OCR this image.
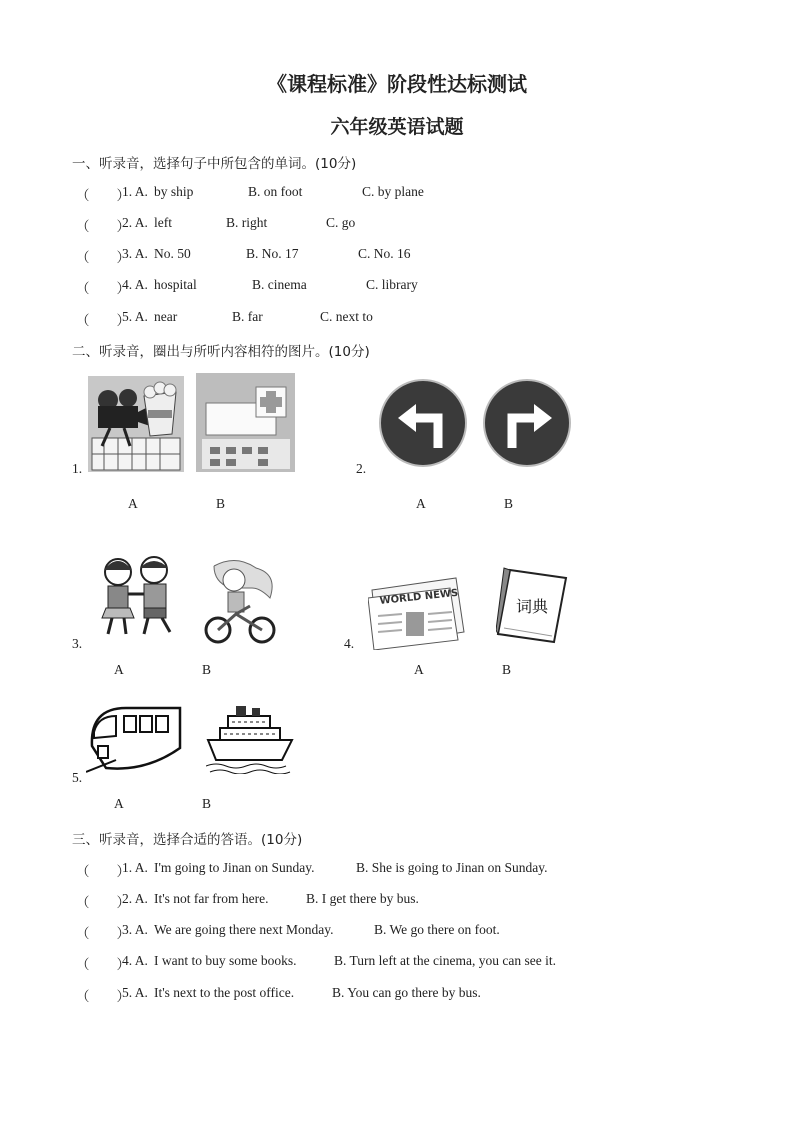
《课程标准》阶段性达标测试
六年级英语试题
一、听录音，选择句子中所包含的单词。(10分)
（　　）
1. A. by ship	B. on foot	C. by plane
（　　）
2. A. left	B. right	C. go
（　　）
3. A. No. 50	B. No. 17	C. No. 16
（　　）
4. A. hospital	B. cinema	C. library
（　　）
5. A. near	B. far	C. next to
二、听录音，圈出与所听内容相符的图片。(10分)
1.
A	B
2.
A	B
3.
A	B
4.
WORLD NEWS	词典
A	B
5.
A	B
三、听录音，选择合适的答语。(10分)
（　　）
1. A. I'm going to Jinan on Sunday.	B. She is going to Jinan on Sunday.
（　　）
2. A. It's not far from here.	B. I get there by bus.
（　　）
3. A. We are going there next Monday.	B. We go there on foot.
（　　）
4. A. I want to buy some books.	B. Turn left at the cinema, you can see it.
（　　）
5. A. It's next to the post office.	B. You can go there by bus.
